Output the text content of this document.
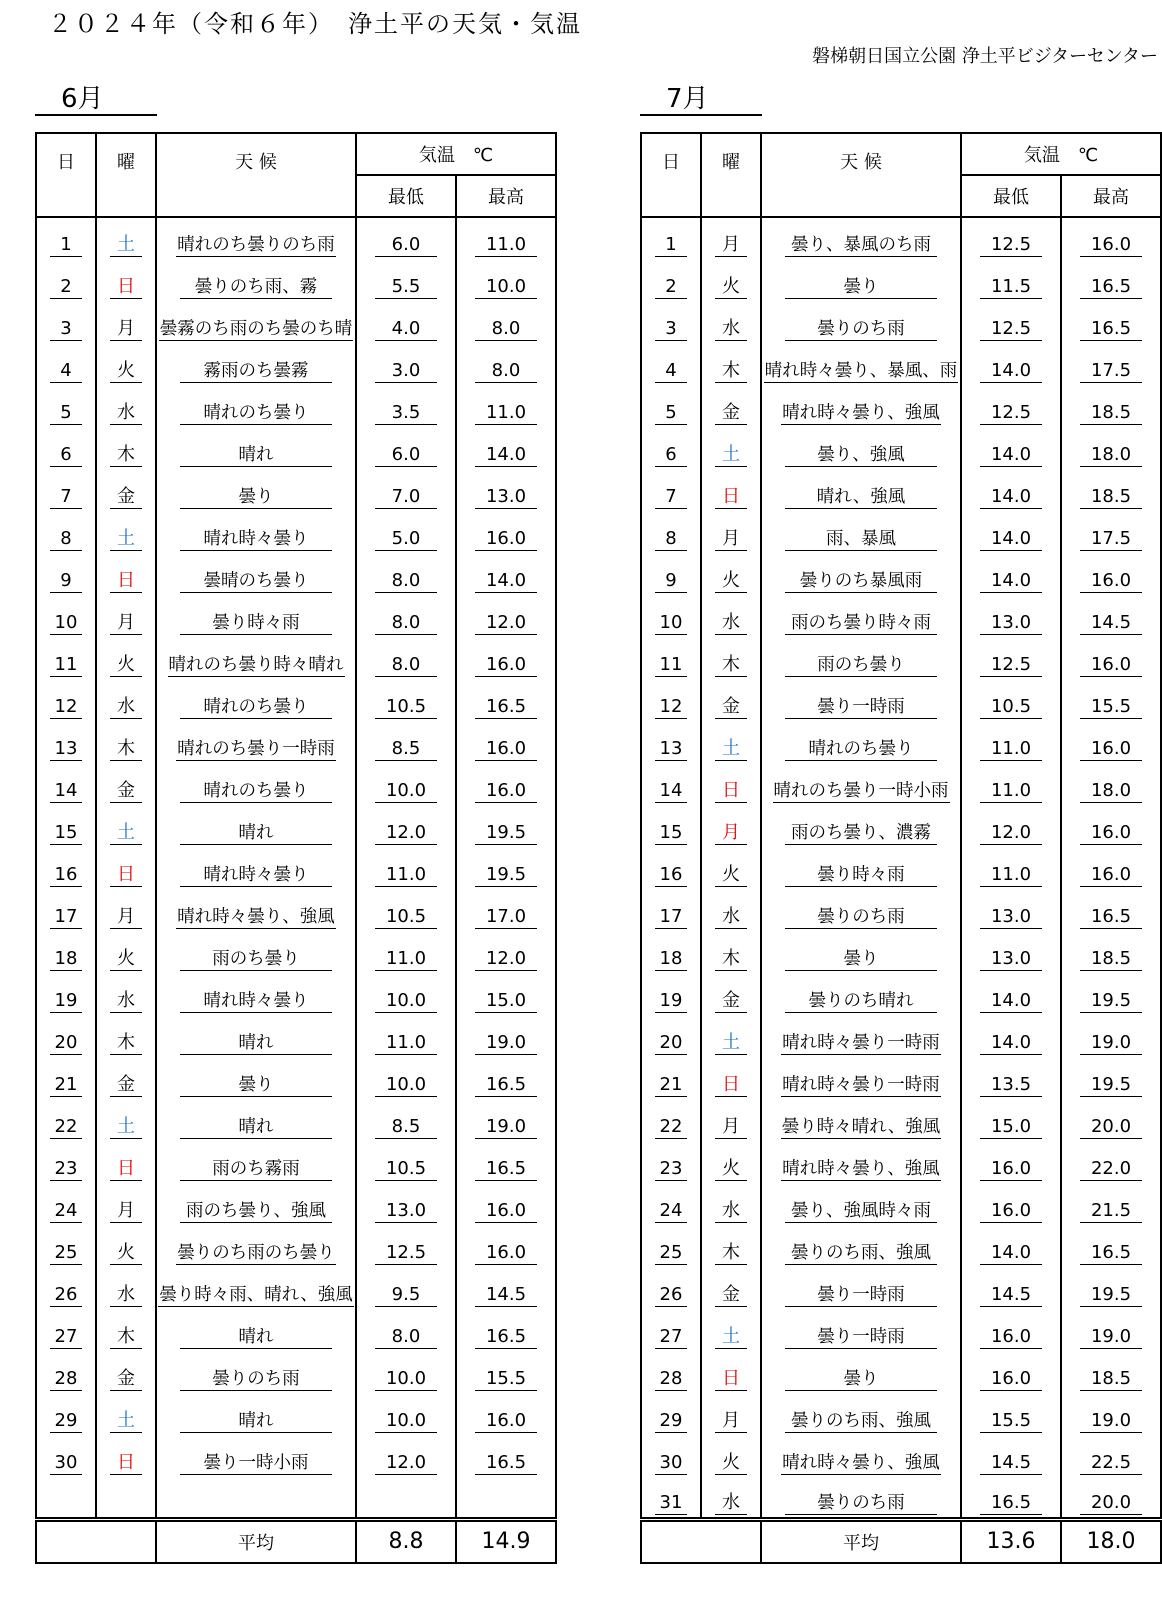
２０２４年（令和６年）　浄土平の天気・気温
磐梯朝日国立公園 浄土平ビジターセンター
6月	7月
日	曜	天 候	気温　℃	
			最低	最高
1	土	晴れのち曇りのち雨	6.0	11.0
2	日	曇りのち雨、霧	5.5	10.0
3	月	曇霧のち雨のち曇のち晴	4.0	8.0
4	火	霧雨のち曇霧	3.0	8.0
5	水	晴れのち曇り	3.5	11.0
6	木	晴れ	6.0	14.0
7	金	曇り	7.0	13.0
8	土	晴れ時々曇り	5.0	16.0
9	日	曇晴のち曇り	8.0	14.0
10	月	曇り時々雨	8.0	12.0
11	火	晴れのち曇り時々晴れ	8.0	16.0
12	水	晴れのち曇り	10.5	16.5
13	木	晴れのち曇り一時雨	8.5	16.0
14	金	晴れのち曇り	10.0	16.0
15	土	晴れ	12.0	19.5
16	日	晴れ時々曇り	11.0	19.5
17	月	晴れ時々曇り、強風	10.5	17.0
18	火	雨のち曇り	11.0	12.0
19	水	晴れ時々曇り	10.0	15.0
20	木	晴れ	11.0	19.0
21	金	曇り	10.0	16.5
22	土	晴れ	8.5	19.0
23	日	雨のち霧雨	10.5	16.5
24	月	雨のち曇り、強風	13.0	16.0
25	火	曇りのち雨のち曇り	12.5	16.0
26	水	曇り時々雨、晴れ、強風	9.5	14.5
27	木	晴れ	8.0	16.5
28	金	曇りのち雨	10.0	15.5
29	土	晴れ	10.0	16.0
30	日	曇り一時小雨	12.0	16.5

		平均	8.8	14.9
日	曜	天 候	気温　℃	
			最低	最高
1	月	曇り、暴風のち雨	12.5	16.0
2	火	曇り	11.5	16.5
3	水	曇りのち雨	12.5	16.5
4	木	晴れ時々曇り、暴風、雨	14.0	17.5
5	金	晴れ時々曇り、強風	12.5	18.5
6	土	曇り、強風	14.0	18.0
7	日	晴れ、強風	14.0	18.5
8	月	雨、暴風	14.0	17.5
9	火	曇りのち暴風雨	14.0	16.0
10	水	雨のち曇り時々雨	13.0	14.5
11	木	雨のち曇り	12.5	16.0
12	金	曇り一時雨	10.5	15.5
13	土	晴れのち曇り	11.0	16.0
14	日	晴れのち曇り一時小雨	11.0	18.0
15	月	雨のち曇り、濃霧	12.0	16.0
16	火	曇り時々雨	11.0	16.0
17	水	曇りのち雨	13.0	16.5
18	木	曇り	13.0	18.5
19	金	曇りのち晴れ	14.0	19.5
20	土	晴れ時々曇り一時雨	14.0	19.0
21	日	晴れ時々曇り一時雨	13.5	19.5
22	月	曇り時々晴れ、強風	15.0	20.0
23	火	晴れ時々曇り、強風	16.0	22.0
24	水	曇り、強風時々雨	16.0	21.5
25	木	曇りのち雨、強風	14.0	16.5
26	金	曇り一時雨	14.5	19.5
27	土	曇り一時雨	16.0	19.0
28	日	曇り	16.0	18.5
29	月	曇りのち雨、強風	15.5	19.0
30	火	晴れ時々曇り、強風	14.5	22.5
31	水	曇りのち雨	16.5	20.0
		平均	13.6	18.0
